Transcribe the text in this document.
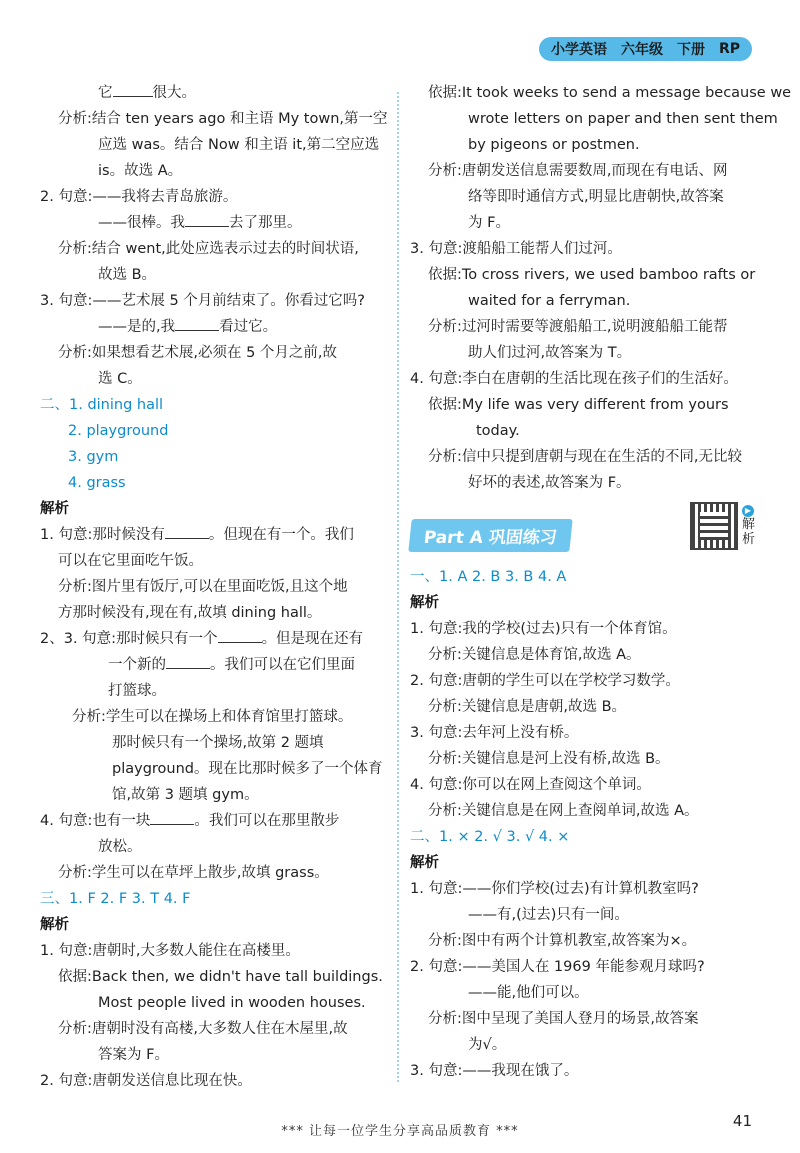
小学英语 六年级 下册 RP
它	很大。
分析:结合 ten years ago 和主语 My town,第一空
应选 was。结合 Now 和主语 it,第二空应选
is。故选 A。
2. 句意:——我将去青岛旅游。
——很棒。我	去了那里。
分析:结合 went,此处应选表示过去的时间状语,
故选 B。
3. 句意:——艺术展 5 个月前结束了。你看过它吗?
——是的,我	看过它。
分析:如果想看艺术展,必须在 5 个月之前,故
选 C。
二、1. dining hall
2. playground
3. gym
4. grass
解析
1. 句意:那时候没有	。但现在有一个。我们
可以在它里面吃午饭。
分析:图片里有饭厅,可以在里面吃饭,且这个地
方那时候没有,现在有,故填 dining hall。
2、3. 句意:那时候只有一个	。但是现在还有
一个新的	。我们可以在它们里面
打篮球。
分析:学生可以在操场上和体育馆里打篮球。
那时候只有一个操场,故第 2 题填
playground。现在比那时候多了一个体育
馆,故第 3 题填 gym。
4. 句意:也有一块	。我们可以在那里散步
放松。
分析:学生可以在草坪上散步,故填 grass。
三、1. F 2. F 3. T 4. F
解析
1. 句意:唐朝时,大多数人能住在高楼里。
依据:Back then, we didn't have tall buildings.
Most people lived in wooden houses.
分析:唐朝时没有高楼,大多数人住在木屋里,故
答案为 F。
2. 句意:唐朝发送信息比现在快。
依据:It took weeks to send a message because we
wrote letters on paper and then sent them
by pigeons or postmen.
分析:唐朝发送信息需要数周,而现在有电话、网
络等即时通信方式,明显比唐朝快,故答案
为 F。
3. 句意:渡船船工能帮人们过河。
依据:To cross rivers, we used bamboo rafts or
waited for a ferryman.
分析:过河时需要等渡船船工,说明渡船船工能帮
助人们过河,故答案为 T。
4. 句意:李白在唐朝的生活比现在孩子们的生活好。
依据:My life was very different from yours
today.
分析:信中只提到唐朝与现在在生活的不同,无比较
好坏的表述,故答案为 F。
Part A 巩固练习
▶解析
一、1. A 2. B 3. B 4. A
解析
1. 句意:我的学校(过去)只有一个体育馆。
分析:关键信息是体育馆,故选 A。
2. 句意:唐朝的学生可以在学校学习数学。
分析:关键信息是唐朝,故选 B。
3. 句意:去年河上没有桥。
分析:关键信息是河上没有桥,故选 B。
4. 句意:你可以在网上查阅这个单词。
分析:关键信息是在网上查阅单词,故选 A。
二、1. × 2. √ 3. √ 4. ×
解析
1. 句意:——你们学校(过去)有计算机教室吗?
——有,(过去)只有一间。
分析:图中有两个计算机教室,故答案为×。
2. 句意:——美国人在 1969 年能参观月球吗?
——能,他们可以。
分析:图中呈现了美国人登月的场景,故答案
为√。
3. 句意:——我现在饿了。
*** 让每一位学生分享高品质教育 ***
41
